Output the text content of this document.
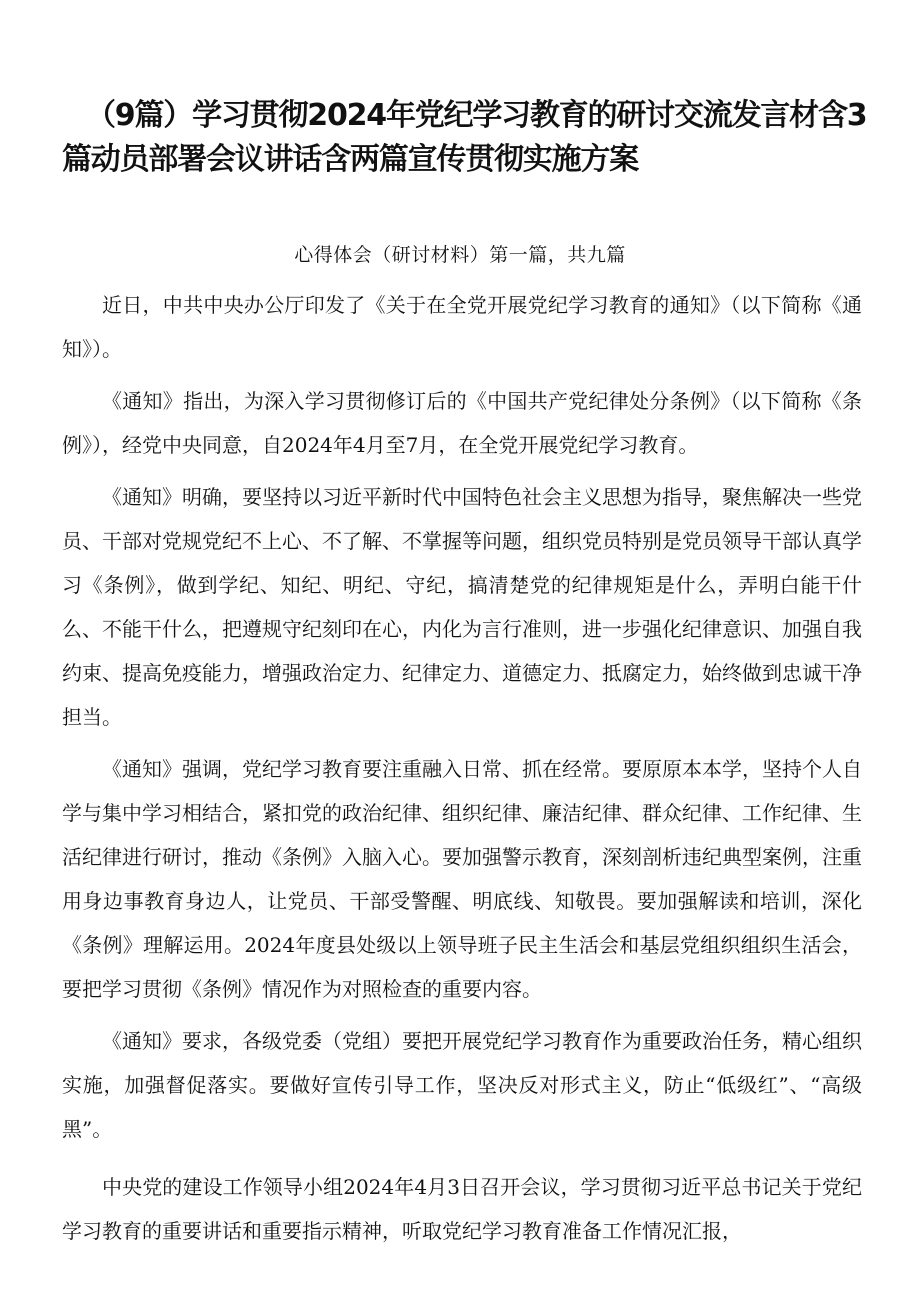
（9篇）学习贯彻2024年党纪学习教育的研讨交流发言材含3篇动员部署会议讲话含两篇宣传贯彻实施方案
心得体会（研讨材料）第一篇，共九篇

近日，中共中央办公厅印发了《关于在全党开展党纪学习教育的通知》（以下简称《通知》）。

《通知》指出，为深入学习贯彻修订后的《中国共产党纪律处分条例》（以下简称《条例》），经党中央同意，自2024年4月至7月，在全党开展党纪学习教育。

《通知》明确，要坚持以习近平新时代中国特色社会主义思想为指导，聚焦解决一些党员、干部对党规党纪不上心、不了解、不掌握等问题，组织党员特别是党员领导干部认真学习《条例》，做到学纪、知纪、明纪、守纪，搞清楚党的纪律规矩是什么，弄明白能干什么、不能干什么，把遵规守纪刻印在心，内化为言行准则，进一步强化纪律意识、加强自我约束、提高免疫能力，增强政治定力、纪律定力、道德定力、抵腐定力，始终做到忠诚干净担当。

《通知》强调，党纪学习教育要注重融入日常、抓在经常。要原原本本学，坚持个人自学与集中学习相结合，紧扣党的政治纪律、组织纪律、廉洁纪律、群众纪律、工作纪律、生活纪律进行研讨，推动《条例》入脑入心。要加强警示教育，深刻剖析违纪典型案例，注重用身边事教育身边人，让党员、干部受警醒、明底线、知敬畏。要加强解读和培训，深化《条例》理解运用。2024年度县处级以上领导班子民主生活会和基层党组织组织生活会，要把学习贯彻《条例》情况作为对照检查的重要内容。

《通知》要求，各级党委（党组）要把开展党纪学习教育作为重要政治任务，精心组织实施，加强督促落实。要做好宣传引导工作，坚决反对形式主义，防止“低级红”、“高级黑”。

中央党的建设工作领导小组2024年4月3日召开会议，学习贯彻习近平总书记关于党纪学习教育的重要讲话和重要指示精神，听取党纪学习教育准备工作情况汇报，
